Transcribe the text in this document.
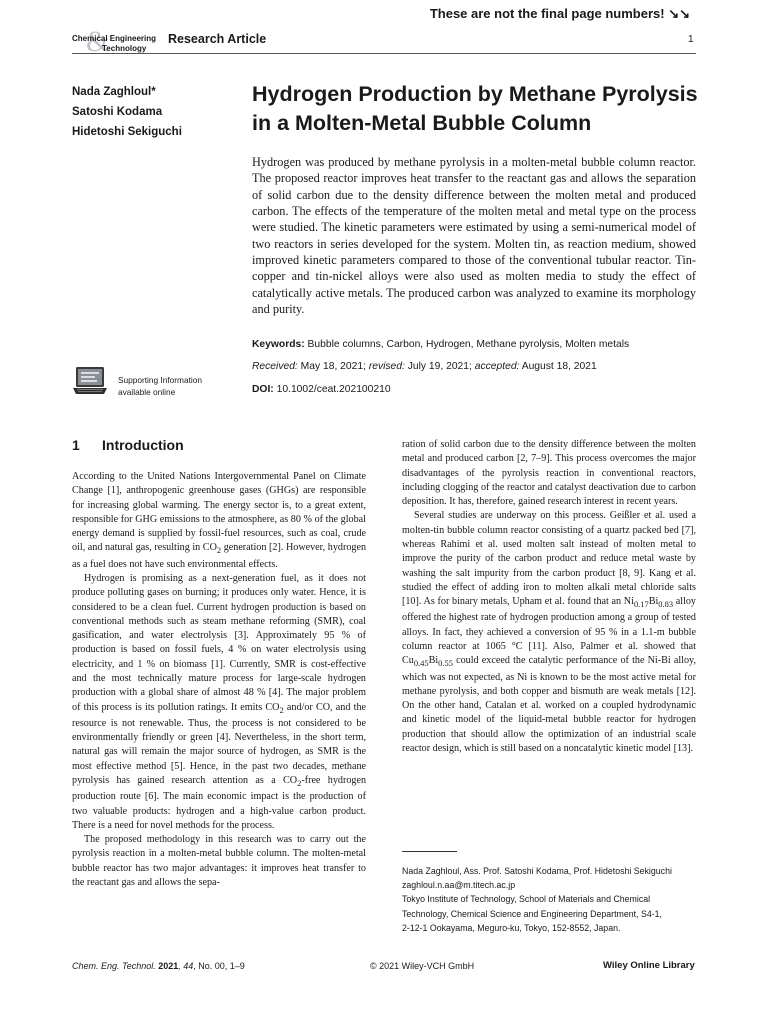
These are not the final page numbers! ↘↘
&
Chemical Engineering
Technology
Research Article	1
Nada Zaghloul*
Satoshi Kodama
Hidetoshi Sekiguchi
Hydrogen Production by Methane Pyrolysis
in a Molten-Metal Bubble Column
Hydrogen was produced by methane pyrolysis in a molten-metal bubble column reactor. The proposed reactor improves heat transfer to the reactant gas and allows the separation of solid carbon due to the density difference between the molten metal and produced carbon. The effects of the temperature of the molten metal and metal type on the process were studied. The kinetic parameters were estimated by using a semi-numerical model of two reactors in series developed for the system. Molten tin, as reaction medium, showed improved kinetic parameters compared to those of the conventional tubular reactor. Tin-copper and tin-nickel alloys were also used as molten media to study the effect of catalytically active metals. The produced carbon was analyzed to examine its morphology and purity.
Keywords: Bubble columns, Carbon, Hydrogen, Methane pyrolysis, Molten metals
Received: May 18, 2021; revised: July 19, 2021; accepted: August 18, 2021
DOI: 10.1002/ceat.202100210
Supporting Information
available online
1 Introduction

According to the United Nations Intergovernmental Panel on Climate Change [1], anthropogenic greenhouse gases (GHGs) are responsible for increasing global warming. The energy sector is, to a great extent, responsible for GHG emissions to the atmosphere, as 80 % of the global energy demand is supplied by fossil-fuel resources, such as coal, crude oil, and natural gas, resulting in $CO_2$ generation [2]. However, hydrogen as a fuel does not have such environmental effects.

Hydrogen is promising as a next-generation fuel, as it does not produce polluting gases on burning; it produces only water. Hence, it is considered to be a clean fuel. Current hydrogen production is based on conventional methods such as steam methane reforming (SMR), coal gasification, and water electrolysis [3]. Approximately 95 % of production is based on fossil fuels, 4 % on water electrolysis using electricity, and 1 % on biomass [1]. Currently, SMR is cost-effective and the most technically mature process for large-scale hydrogen production with a global share of almost 48 % [4]. The major problem of this process is its pollution ratings. It emits $CO_2$ and/or CO, and the resource is not renewable. Thus, the process is not considered to be environmentally friendly or green [4]. Nevertheless, in the short term, natural gas will remain the major source of hydrogen, as SMR is the most effective method [5]. Hence, in the past two decades, methane pyrolysis has gained research attention as a $CO_2$-free hydrogen production route [6]. The main economic impact is the production of two valuable products: hydrogen and a high-value carbon product. There is a need for novel methods for the process.

The proposed methodology in this research was to carry out the pyrolysis reaction in a molten-metal bubble column. The molten-metal bubble reactor has two major advantages: it improves heat transfer to the reactant gas and allows the sepa-

ration of solid carbon due to the density difference between the molten metal and produced carbon [2, 7–9]. This process overcomes the major disadvantages of the pyrolysis reaction in conventional reactors, including clogging of the reactor and catalyst deactivation due to carbon deposition. It has, therefore, gained research interest in recent years.

Several studies are underway on this process. Geißler et al. used a molten-tin bubble column reactor consisting of a quartz packed bed [7], whereas Rahimi et al. used molten salt instead of molten metal to improve the purity of the carbon product and reduce metal waste by washing the salt impurity from the carbon product [8, 9]. Kang et al. studied the effect of adding iron to molten alkali metal chloride salts [10]. As for binary metals, Upham et al. found that an $Ni_{0.17}Bi_{0.83}$ alloy offered the highest rate of hydrogen production among a group of tested alloys. In fact, they achieved a conversion of 95 % in a 1.1-m bubble column reactor at 1065 °C [11]. Also, Palmer et al. showed that $Cu_{0.45}Bi_{0.55}$ could exceed the catalytic performance of the Ni-Bi alloy, which was not expected, as Ni is known to be the most active metal for methane pyrolysis, and both copper and bismuth are weak metals [12]. On the other hand, Catalan et al. worked on a coupled hydrodynamic and kinetic model of the liquid-metal bubble reactor for hydrogen production that should allow the optimization of an industrial scale reactor design, which is still based on a noncatalytic kinetic model [13].

Nada Zaghloul, Ass. Prof. Satoshi Kodama, Prof. Hidetoshi Sekiguchi
zaghloul.n.aa@m.titech.ac.jp
Tokyo Institute of Technology, School of Materials and Chemical
Technology, Chemical Science and Engineering Department, S4-1,
2-12-1 Ookayama, Meguro-ku, Tokyo, 152-8552, Japan.
Chem. Eng. Technol. 2021, 44, No. 00, 1–9	© 2021 Wiley-VCH GmbH	Wiley Online Library
